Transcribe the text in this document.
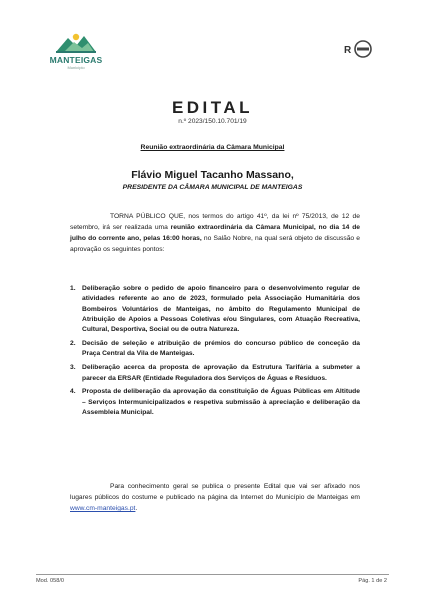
MANTEIGAS
Município
R
EDITAL
n.º 2023/150.10.701/19
Reunião extraordinária da Câmara Municipal
Flávio Miguel Tacanho Massano,
PRESIDENTE DA CÂMARA MUNICIPAL DE MANTEIGAS

TORNA PÚBLICO QUE, nos termos do artigo 41º, da lei nº 75/2013, de 12 de setembro, irá ser realizada uma reunião extraordinária da Câmara Municipal, no dia 14 de julho do corrente ano, pelas 16:00 horas, no Salão Nobre, na qual será objeto de discussão e aprovação os seguintes pontos:

1. Deliberação sobre o pedido de apoio financeiro para o desenvolvimento regular de atividades referente ao ano de 2023, formulado pela Associação Humanitária dos Bombeiros Voluntários de Manteigas, no âmbito do Regulamento Municipal de Atribuição de Apoios a Pessoas Coletivas e/ou Singulares, com Atuação Recreativa, Cultural, Desportiva, Social ou de outra Natureza.
2. Decisão de seleção e atribuição de prémios do concurso público de conceção da Praça Central da Vila de Manteigas.
3. Deliberação acerca da proposta de aprovação da Estrutura Tarifária a submeter a parecer da ERSAR (Entidade Reguladora dos Serviços de Águas e Resíduos.
4. Proposta de deliberação da aprovação da constituição de Águas Públicas em Altitude – Serviços Intermunicipalizados e respetiva submissão à apreciação e deliberação da Assembleia Municipal.

Para conhecimento geral se publica o presente Edital que vai ser afixado nos lugares públicos do costume e publicado na página da Internet do Município de Manteigas em www.cm-manteigas.pt.

Mod. 058/0	Pág. 1 de 2
